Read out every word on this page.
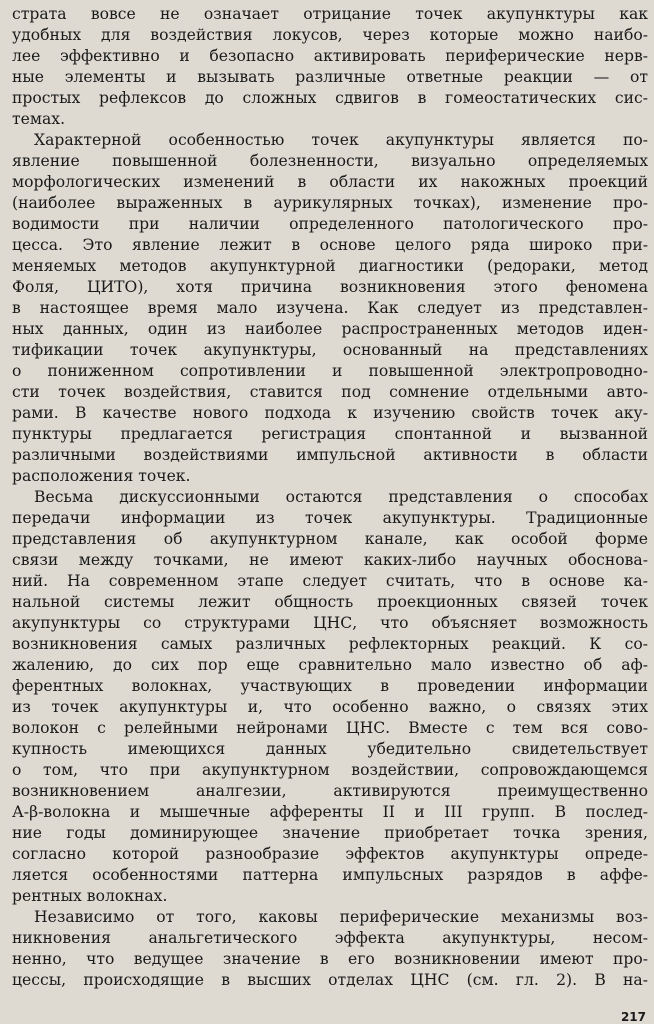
страта вовсе не означает отрицание точек акупунктуры как
удобных для воздействия локусов, через которые можно наибо-
лее эффективно и безопасно активировать периферические нерв-
ные элементы и вызывать различные ответные реакции — от
простых рефлексов до сложных сдвигов в гомеостатических сис-
темах.

Характерной особенностью точек акупунктуры является по-
явление повышенной болезненности, визуально определяемых
морфологических изменений в области их накожных проекций
(наиболее выраженных в аурикулярных точках), изменение про-
водимости при наличии определенного патологического про-
цесса. Это явление лежит в основе целого ряда широко при-
меняемых методов акупунктурной диагностики (редораки, метод
Фоля, ЦИТО), хотя причина возникновения этого феномена
в настоящее время мало изучена. Как следует из представлен-
ных данных, один из наиболее распространенных методов иден-
тификации точек акупунктуры, основанный на представлениях
о пониженном сопротивлении и повышенной электропроводно-
сти точек воздействия, ставится под сомнение отдельными авто-
рами. В качестве нового подхода к изучению свойств точек аку-
пунктуры предлагается регистрация спонтанной и вызванной
различными воздействиями импульсной активности в области
расположения точек.

Весьма дискуссионными остаются представления о способах
передачи информации из точек акупунктуры. Традиционные
представления об акупунктурном канале, как особой форме
связи между точками, не имеют каких-либо научных обоснова-
ний. На современном этапе следует считать, что в основе ка-
нальной системы лежит общность проекционных связей точек
акупунктуры со структурами ЦНС, что объясняет возможность
возникновения самых различных рефлекторных реакций. К со-
жалению, до сих пор еще сравнительно мало известно об аф-
ферентных волокнах, участвующих в проведении информации
из точек акупунктуры и, что особенно важно, о связях этих
волокон с релейными нейронами ЦНС. Вместе с тем вся сово-
купность имеющихся данных убедительно свидетельствует
о том, что при акупунктурном воздействии, сопровождающемся
возникновением аналгезии, активируются преимущественно
А-β-волокна и мышечные афференты II и III групп. В послед-
ние годы доминирующее значение приобретает точка зрения,
согласно которой разнообразие эффектов акупунктуры опреде-
ляется особенностями паттерна импульсных разрядов в аффе-
рентных волокнах.

Независимо от того, каковы периферические механизмы воз-
никновения анальгетического эффекта акупунктуры, несом-
ненно, что ведущее значение в его возникновении имеют про-
цессы, происходящие в высших отделах ЦНС (см. гл. 2). В на-

217
